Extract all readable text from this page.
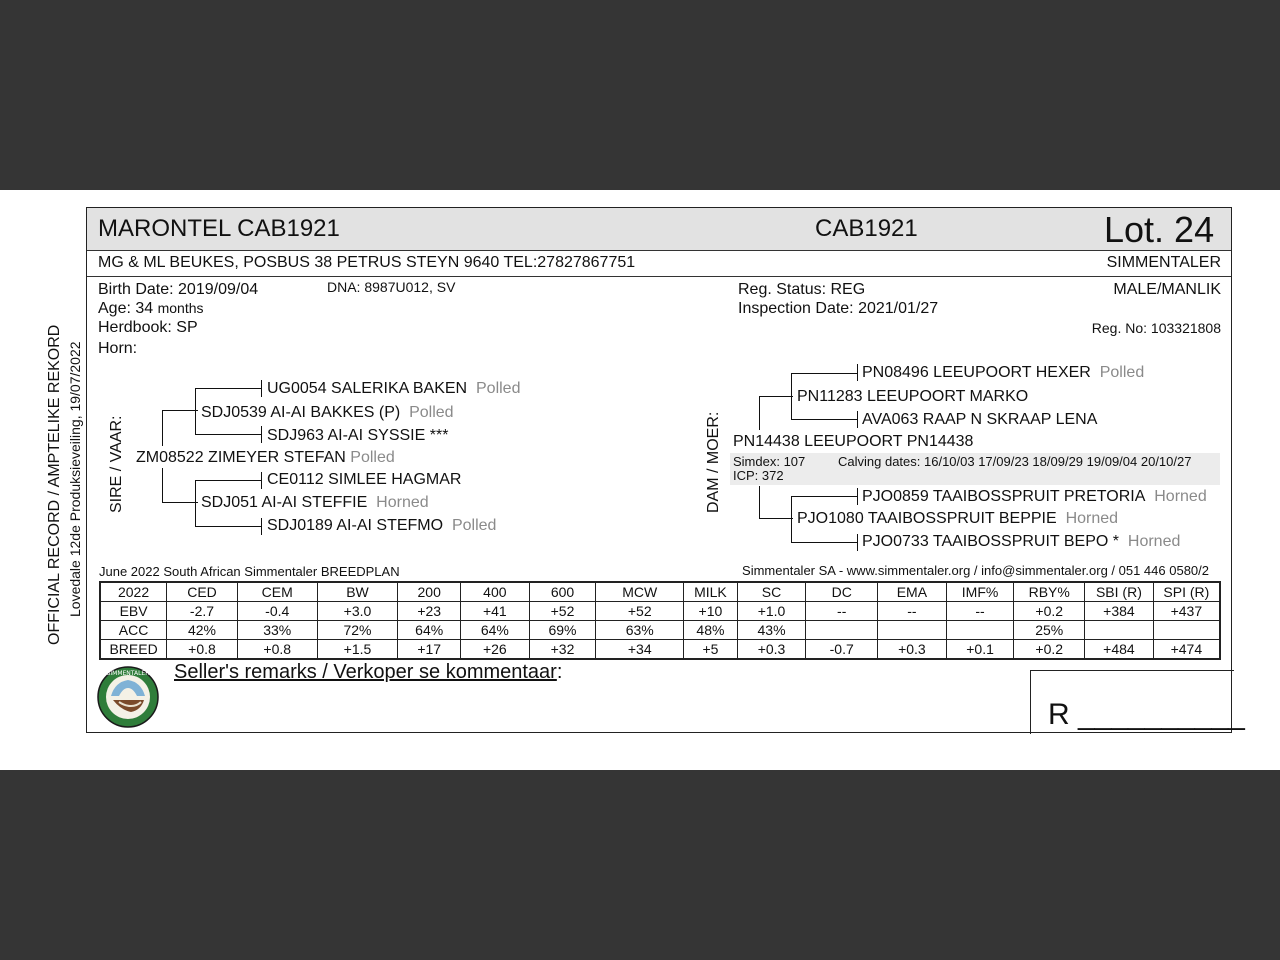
OFFICIAL RECORD / AMPTELIKE REKORD Lovedale 12de Produksieveiling, 19/07/2022
MARONTEL CAB1921	CAB1921	Lot. 24
MG & ML BEUKES, POSBUS 38 PETRUS STEYN 9640 TEL:27827867751	SIMMENTALER
Birth Date: 2019/09/04	DNA: 8987U012, SV
Age: 34 months
Herdbook: SP
Horn:
Reg. Status: REG
Inspection Date: 2021/01/27
MALE/MANLIK
Reg. No: 103321808
SIRE / VAAR: ZM08522 ZIMEYER STEFAN Polled
SDJ0539 AI-AI BAKKES (P) Polled
UG0054 SALERIKA BAKEN Polled
SDJ963 AI-AI SYSSIE ***
SDJ051 AI-AI STEFFIE Horned
CE0112 SIMLEE HAGMAR
SDJ0189 AI-AI STEFMO Polled
DAM / MOER: PN14438 LEEUPOORT PN14438
Simdex: 107	Calving dates: 16/10/03 17/09/23 18/09/29 19/09/04 20/10/27
ICP: 372
PN11283 LEEUPOORT MARKO
PN08496 LEEUPOORT HEXER Polled
AVA063 RAAP N SKRAAP LENA
PJO1080 TAAIBOSSPRUIT BEPPIE Horned
PJO0859 TAAIBOSSPRUIT PRETORIA Horned
PJO0733 TAAIBOSSPRUIT BEPO * Horned
June 2022 South African Simmentaler BREEDPLAN	Simmentaler SA - www.simmentaler.org / info@simmentaler.org / 051 446 0580/2
2022	CED	CEM	BW	200	400	600	MCW	MILK	SC	DC	EMA	IMF%	RBY%	SBI (R)	SPI (R)
EBV	-2.7	-0.4	+3.0	+23	+41	+52	+52	+10	+1.0	--	--	--	+0.2	+384	+437
ACC	42%	33%	72%	64%	64%	69%	63%	48%	43%				25%		
BREED	+0.8	+0.8	+1.5	+17	+26	+32	+34	+5	+0.3	-0.7	+0.3	+0.1	+0.2	+484	+474
Seller's remarks / Verkoper se kommentaar:
R __________
SIMMENTALER
